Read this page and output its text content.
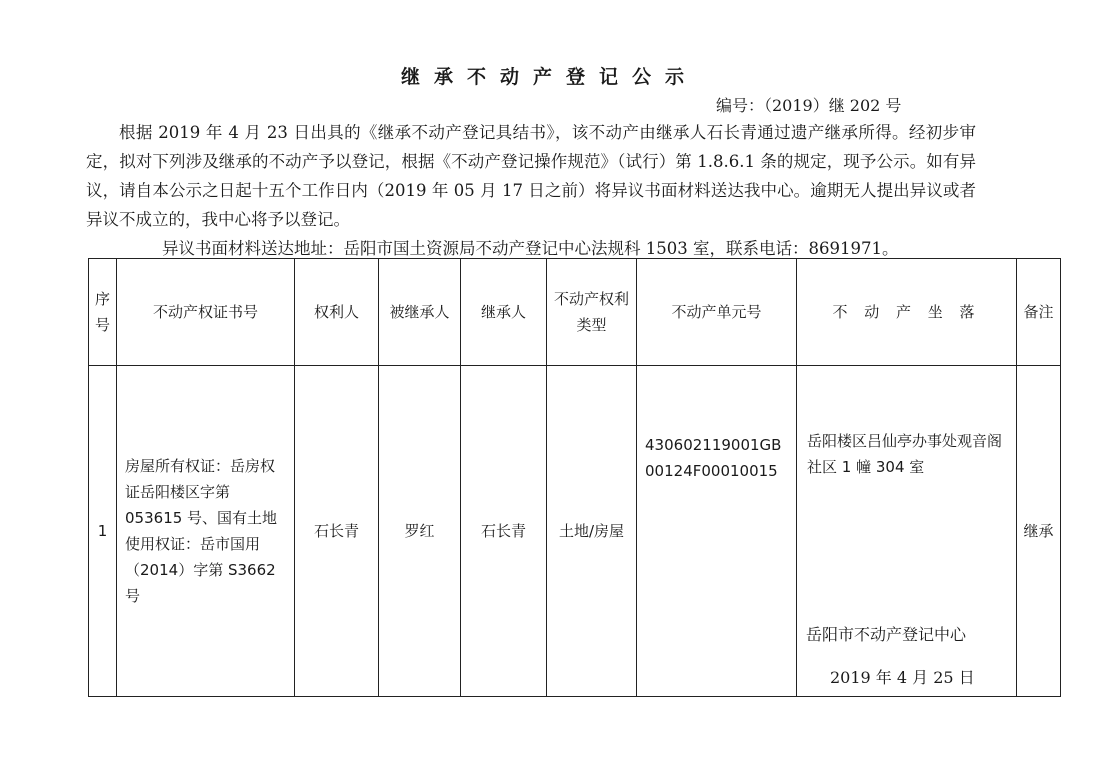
继承不动产登记公示
编号：（2019）继 202 号
根据 2019 年 4 月 23 日出具的《继承不动产登记具结书》，该不动产由继承人石长青通过遗产继承所得。经初步审定，拟对下列涉及继承的不动产予以登记，根据《不动产登记操作规范》（试行）第 1.8.6.1 条的规定，现予公示。如有异议，请自本公示之日起十五个工作日内（2019 年 05 月 17 日之前）将异议书面材料送达我中心。逾期无人提出异议或者异议不成立的，我中心将予以登记。
异议书面材料送达地址：岳阳市国土资源局不动产登记中心法规科 1503 室，联系电话：8691971。
序号	不动产权证书号	权利人	被继承人	继承人	不动产权利类型	不动产单元号	不 动 产 坐 落	备注
1	房屋所有权证：岳房权证岳阳楼区字第 053615 号、国有土地使用权证：岳市国用（2014）字第 S3662 号	石长青	罗红	石长青	土地/房屋	430602119001GB00124F00010015	岳阳楼区吕仙亭办事处观音阁社区 1 幢 304 室	继承
岳阳市不动产登记中心
2019 年 4 月 25 日
